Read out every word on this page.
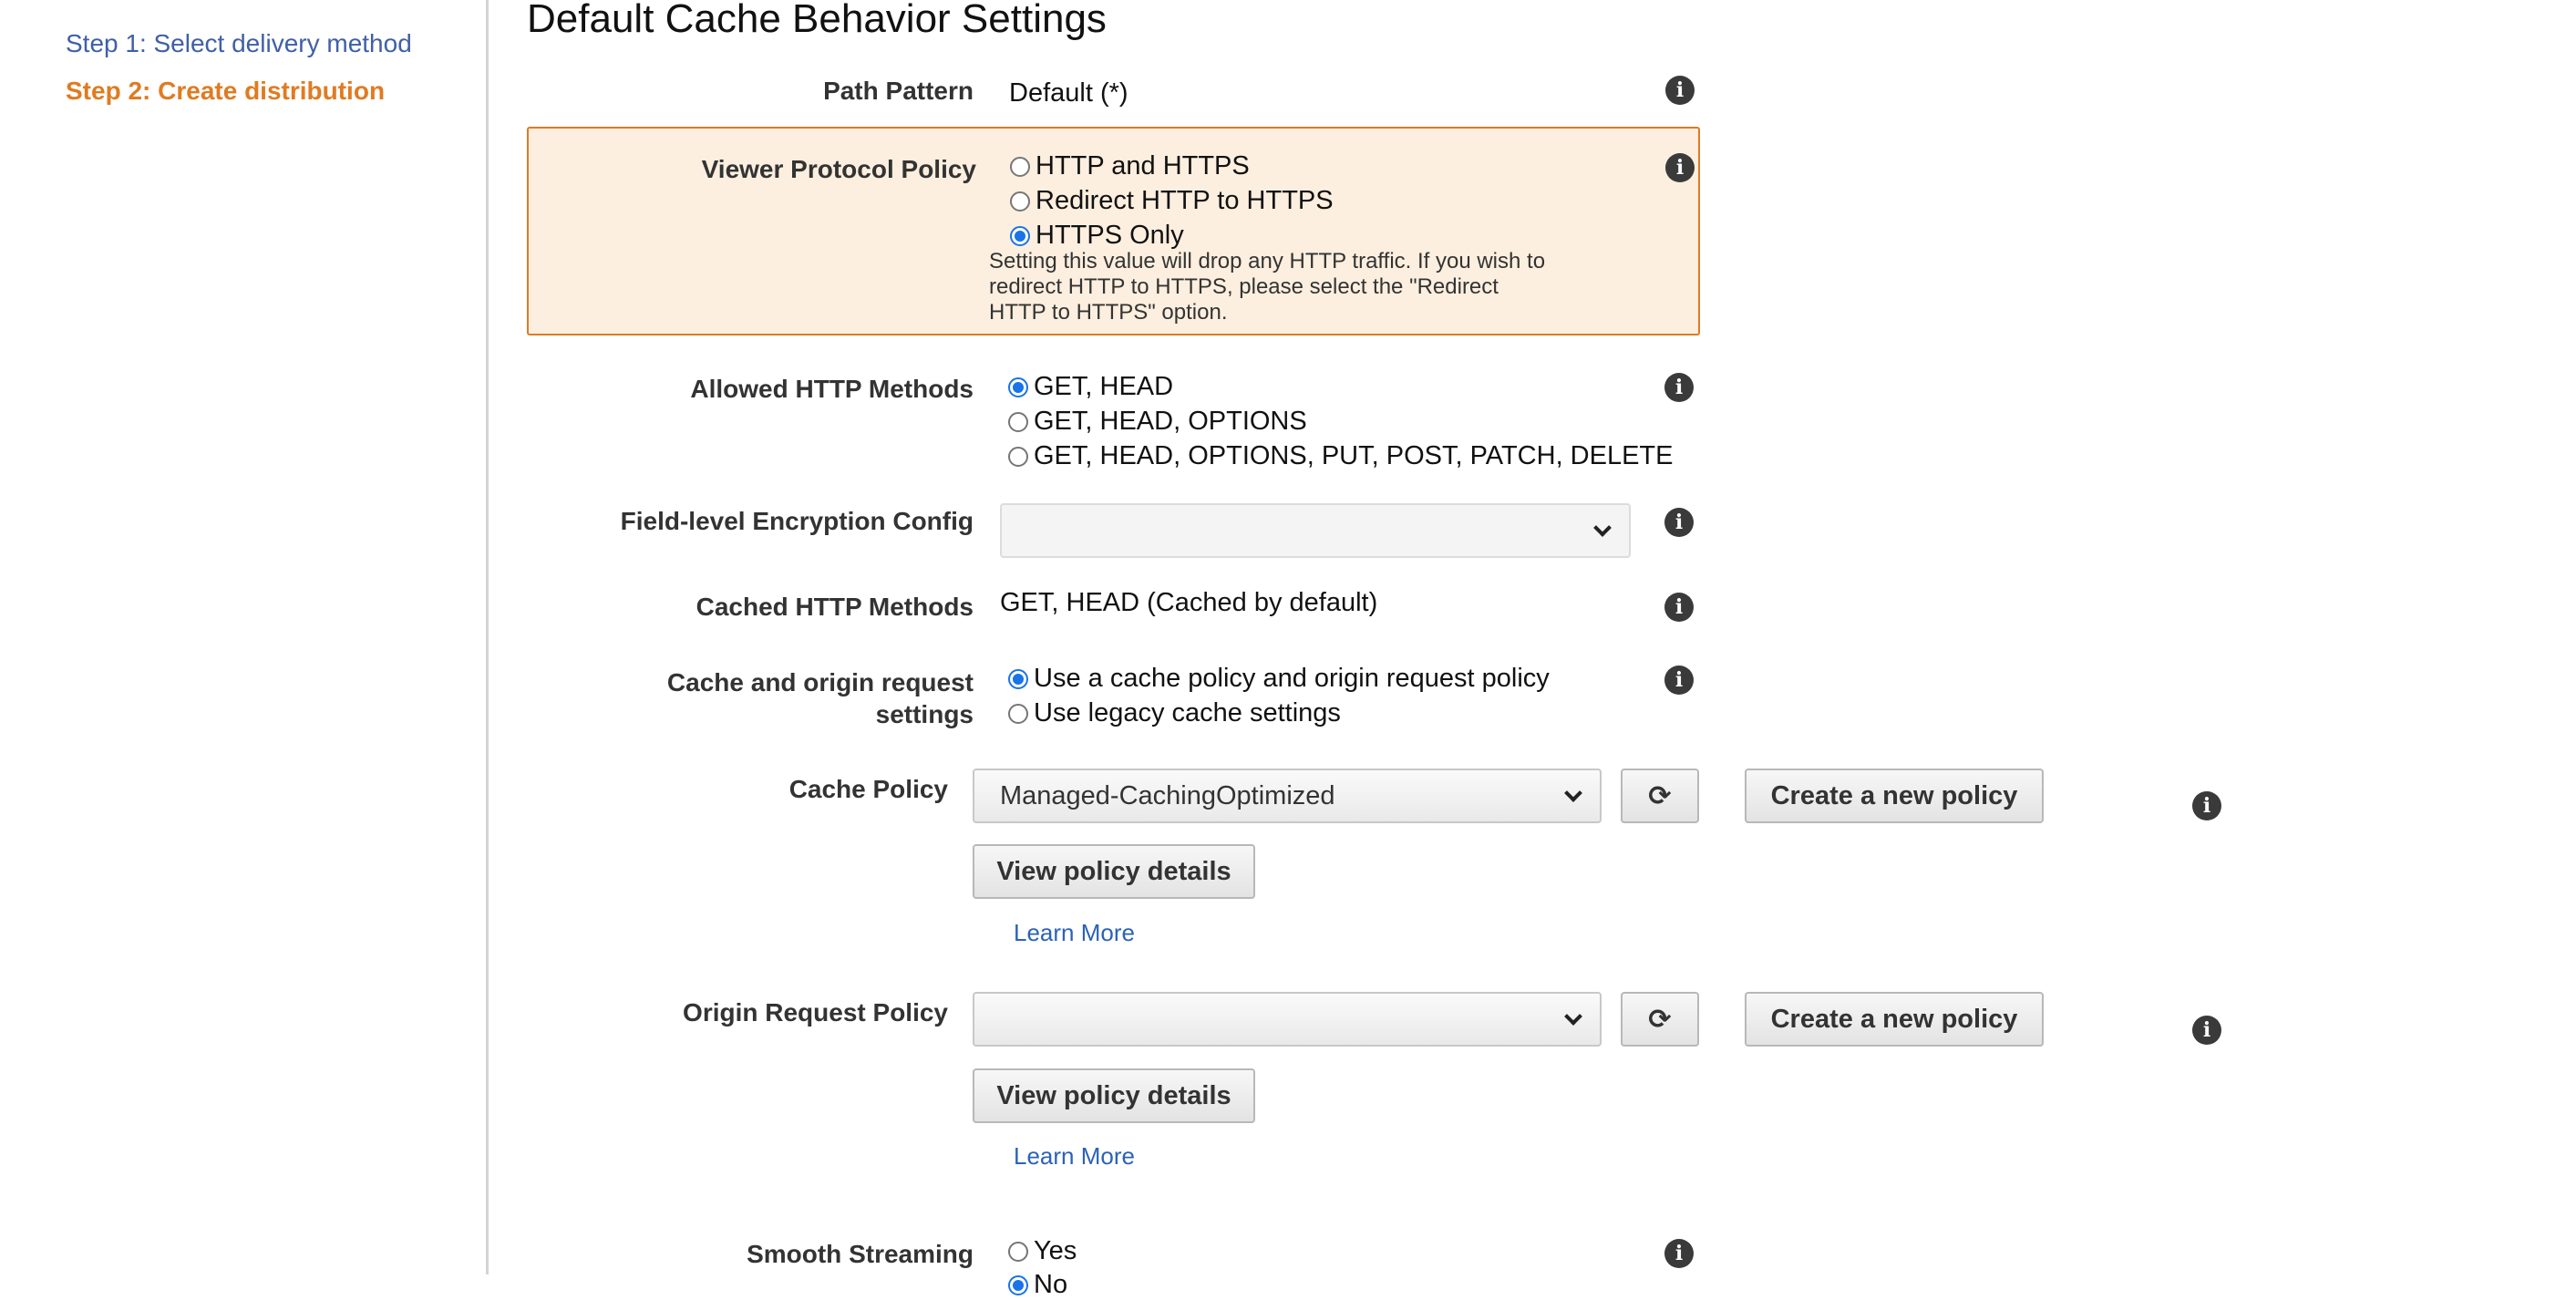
Step 1: Select delivery method
Step 2: Create distribution
Default Cache Behavior Settings
Path Pattern Default (*)	i
Viewer Protocol Policy HTTP and HTTPS
Redirect HTTP to HTTPS
HTTPS Only
Setting this value will drop any HTTP traffic. If you wish to redirect HTTP to HTTPS, please select the "Redirect HTTP to HTTPS" option.
i
Allowed HTTP Methods GET, HEAD
GET, HEAD, OPTIONS
GET, HEAD, OPTIONS, PUT, POST, PATCH, DELETE
i
Field-level Encryption Config	i
Cached HTTP Methods GET, HEAD (Cached by default)	i
Cache and origin request
settings
Use a cache policy and origin request policy
Use legacy cache settings
i
Cache Policy Managed-CachingOptimized	⟳	Create a new policy	i
View policy details
Learn More
Origin Request Policy	⟳	Create a new policy	i
View policy details
Learn More
Smooth Streaming Yes
No
i
